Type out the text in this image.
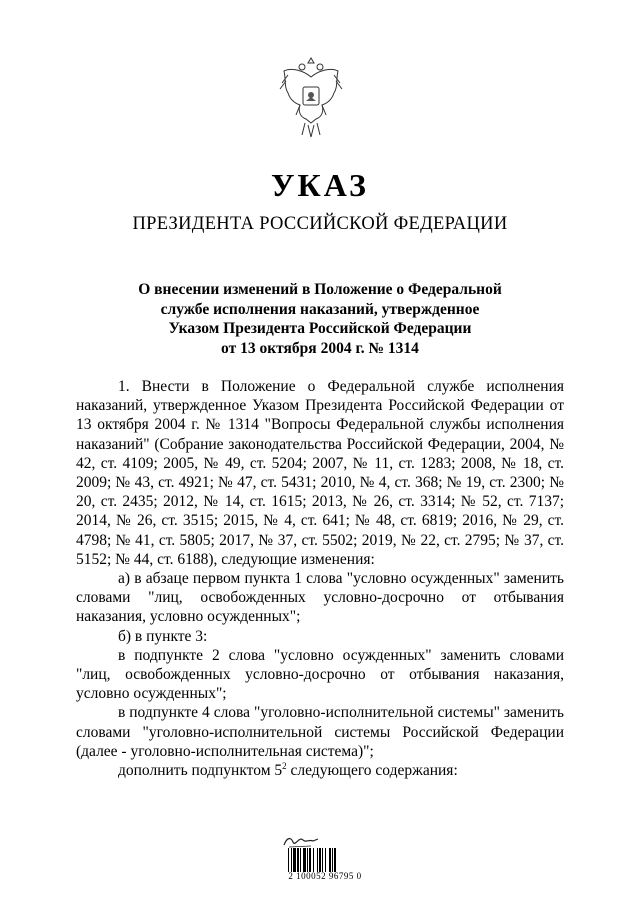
УКАЗ
ПРЕЗИДЕНТА РОССИЙСКОЙ ФЕДЕРАЦИИ
О внесении изменений в Положение о Федеральной
службе исполнения наказаний, утвержденное
Указом Президента Российской Федерации
от 13 октября 2004 г. № 1314

1. Внести в Положение о Федеральной службе исполнения наказаний, утвержденное Указом Президента Российской Федерации от 13 октября 2004 г. № 1314 "Вопросы Федеральной службы исполнения наказаний" (Собрание законодательства Российской Федерации, 2004, № 42, ст. 4109; 2005, № 49, ст. 5204; 2007, № 11, ст. 1283; 2008, № 18, ст. 2009; № 43, ст. 4921; № 47, ст. 5431; 2010, № 4, ст. 368; № 19, ст. 2300; № 20, ст. 2435; 2012, № 14, ст. 1615; 2013, № 26, ст. 3314; № 52, ст. 7137; 2014, № 26, ст. 3515; 2015, № 4, ст. 641; № 48, ст. 6819; 2016, № 29, ст. 4798; № 41, ст. 5805; 2017, № 37, ст. 5502; 2019, № 22, ст. 2795; № 37, ст. 5152; № 44, ст. 6188), следующие изменения:

а) в абзаце первом пункта 1 слова "условно осужденных" заменить словами "лиц, освобожденных условно-досрочно от отбывания наказания, условно осужденных";

б) в пункте 3:

в подпункте 2 слова "условно осужденных" заменить словами "лиц, освобожденных условно-досрочно от отбывания наказания, условно осужденных";

в подпункте 4 слова "уголовно-исполнительной системы" заменить словами "уголовно-исполнительной системы Российской Федерации (далее - уголовно-исполнительная система)";

дополнить подпунктом $5^2$ следующего содержания:

2 100052 96795 0
